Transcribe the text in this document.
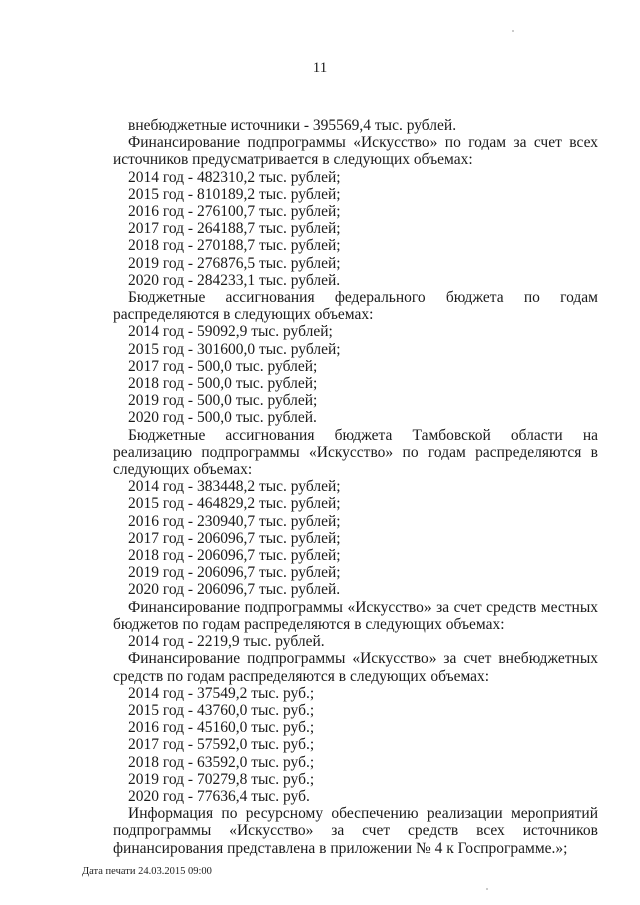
11

внебюджетные источники - 395569,4 тыс. рублей.

Финансирование подпрограммы «Искусство» по годам за счет всех источников предусматривается в следующих объемах:

2014 год - 482310,2 тыс. рублей;

2015 год - 810189,2 тыс. рублей;

2016 год - 276100,7 тыс. рублей;

2017 год - 264188,7 тыс. рублей;

2018 год - 270188,7 тыс. рублей;

2019 год - 276876,5 тыс. рублей;

2020 год - 284233,1 тыс. рублей.

Бюджетные ассигнования федерального бюджета по годам распределяются в следующих объемах:

2014 год - 59092,9 тыс. рублей;

2015 год - 301600,0 тыс. рублей;

2017 год - 500,0 тыс. рублей;

2018 год - 500,0 тыс. рублей;

2019 год - 500,0 тыс. рублей;

2020 год - 500,0 тыс. рублей.

Бюджетные ассигнования бюджета Тамбовской области на реализацию подпрограммы «Искусство» по годам распределяются в следующих объемах:

2014 год - 383448,2 тыс. рублей;

2015 год - 464829,2 тыс. рублей;

2016 год - 230940,7 тыс. рублей;

2017 год - 206096,7 тыс. рублей;

2018 год - 206096,7 тыс. рублей;

2019 год - 206096,7 тыс. рублей;

2020 год - 206096,7 тыс. рублей.

Финансирование подпрограммы «Искусство» за счет средств местных бюджетов по годам распределяются в следующих объемах:

2014 год - 2219,9 тыс. рублей.

Финансирование подпрограммы «Искусство» за счет внебюджетных средств по годам распределяются в следующих объемах:

2014 год - 37549,2 тыс. руб.;

2015 год - 43760,0 тыс. руб.;

2016 год - 45160,0 тыс. руб.;

2017 год - 57592,0 тыс. руб.;

2018 год - 63592,0 тыс. руб.;

2019 год - 70279,8 тыс. руб.;

2020 год - 77636,4 тыс. руб.

Информация по ресурсному обеспечению реализации мероприятий подпрограммы «Искусство» за счет средств всех источников финансирования представлена в приложении № 4 к Госпрограмме.»;

Дата печати 24.03.2015 09:00
